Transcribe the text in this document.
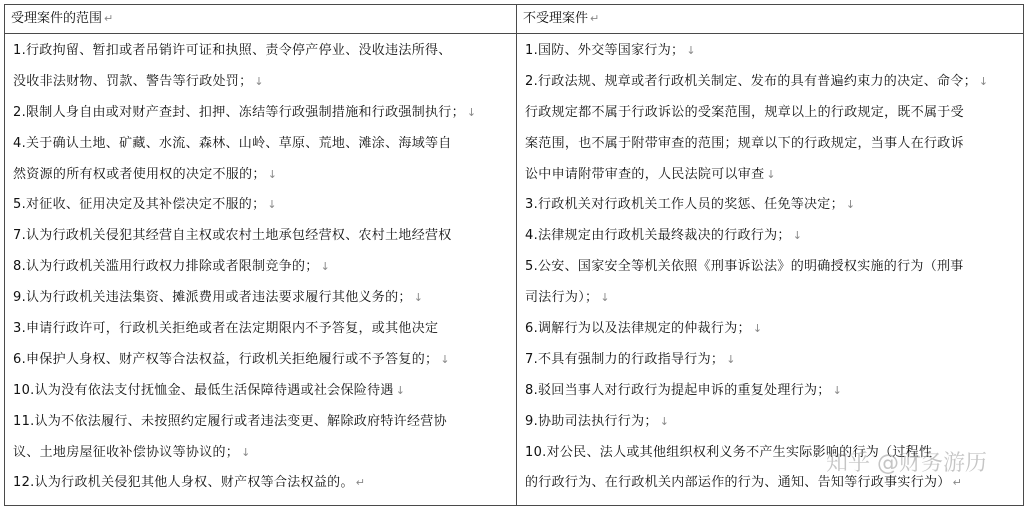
受理案件的范围 ↵
1.行政拘留、暂扣或者吊销许可证和执照、责令停产停业、没收违法所得、
没收非法财物、罚款、警告等行政处罚； ↓
2.限制人身自由或对财产查封、扣押、冻结等行政强制措施和行政强制执行； ↓
4.关于确认土地、矿藏、水流、森林、山岭、草原、荒地、滩涂、海域等自
然资源的所有权或者使用权的决定不服的； ↓
5.对征收、征用决定及其补偿决定不服的； ↓
7.认为行政机关侵犯其经营自主权或农村土地承包经营权、农村土地经营权
8.认为行政机关滥用行政权力排除或者限制竞争的； ↓
9.认为行政机关违法集资、摊派费用或者违法要求履行其他义务的； ↓
3.申请行政许可，行政机关拒绝或者在法定期限内不予答复，或其他决定
6.申保护人身权、财产权等合法权益，行政机关拒绝履行或不予答复的； ↓
10.认为没有依法支付抚恤金、最低生活保障待遇或社会保险待遇 ↓
11.认为不依法履行、未按照约定履行或者违法变更、解除政府特许经营协
议、土地房屋征收补偿协议等协议的； ↓
12.认为行政机关侵犯其他人身权、财产权等合法权益的。 ↵
不受理案件 ↵
1.国防、外交等国家行为； ↓
2.行政法规、规章或者行政机关制定、发布的具有普遍约束力的决定、命令； ↓
行政规定都不属于行政诉讼的受案范围，规章以上的行政规定，既不属于受
案范围，也不属于附带审查的范围；规章以下的行政规定，当事人在行政诉
讼中申请附带审查的，人民法院可以审查 ↓
3.行政机关对行政机关工作人员的奖惩、任免等决定； ↓
4.法律规定由行政机关最终裁决的行政行为； ↓
5.公安、国家安全等机关依照《刑事诉讼法》的明确授权实施的行为（刑事
司法行为）； ↓
6.调解行为以及法律规定的仲裁行为； ↓
7.不具有强制力的行政指导行为； ↓
8.驳回当事人对行政行为提起申诉的重复处理行为； ↓
9.协助司法执行行为； ↓
10.对公民、法人或其他组织权利义务不产生实际影响的行为（过程性
的行政行为、在行政机关内部运作的行为、通知、告知等行政事实行为） ↵
知乎 @财务游历
